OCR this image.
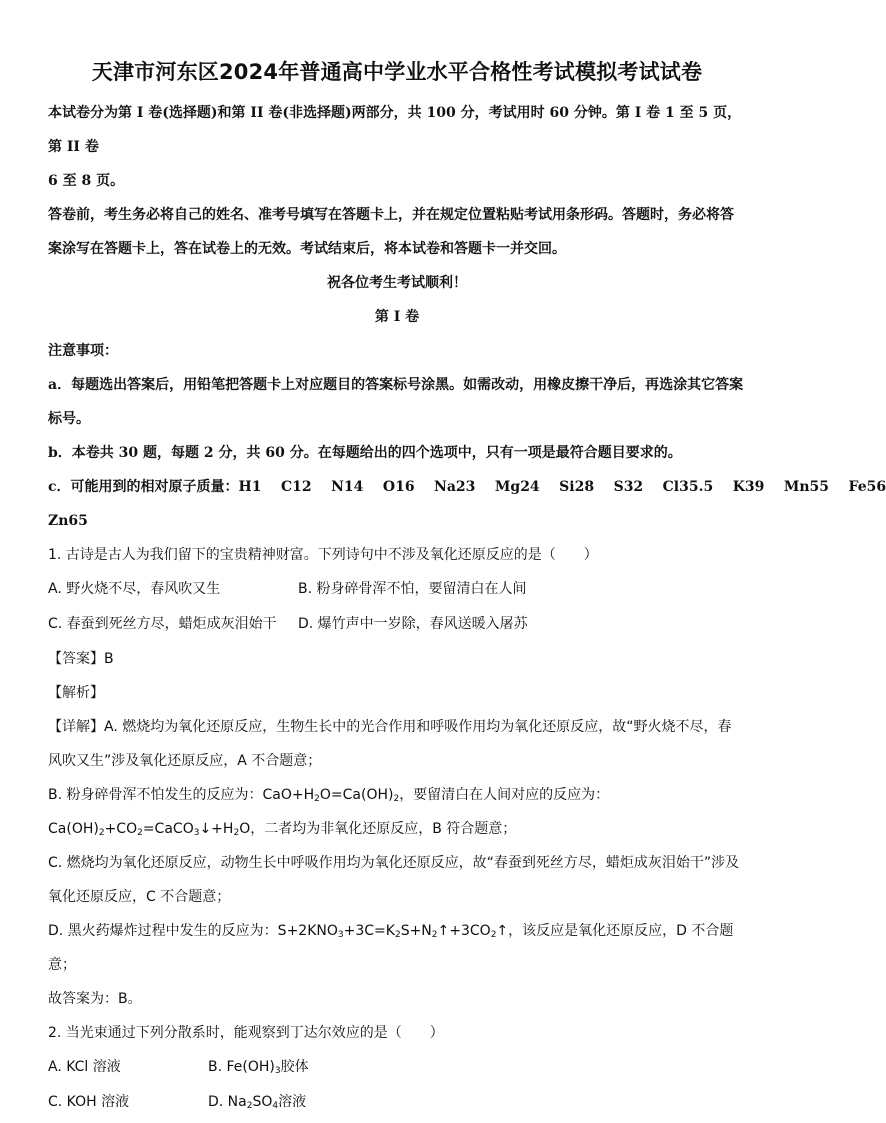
天津市河东区2024年普通高中学业水平合格性考试模拟考试试卷

本试卷分为第 I 卷(选择题)和第 II 卷(非选择题)两部分，共 100 分，考试用时 60 分钟。第 I 卷 1 至 5 页，第 II 卷

6 至 8 页。

答卷前，考生务必将自己的姓名、准考号填写在答题卡上，并在规定位置粘贴考试用条形码。答题时，务必将答

案涂写在答题卡上，答在试卷上的无效。考试结束后，将本试卷和答题卡一并交回。

祝各位考生考试顺利！

第 I 卷

注意事项：

a．每题选出答案后，用铅笔把答题卡上对应题目的答案标号涂黑。如需改动，用橡皮擦干净后，再选涂其它答案

标号。

b．本卷共 30 题，每题 2 分，共 60 分。在每题给出的四个选项中，只有一项是最符合题目要求的。

c．可能用到的相对原子质量：H1    C12    N14    O16    Na23    Mg24    Si28    S32    Cl35.5    K39    Mn55    Fe56

Zn65

1. 古诗是古人为我们留下的宝贵精神财富。下列诗句中不涉及氧化还原反应的是（　　）

A. 野火烧不尽，春风吹又生	B. 粉身碎骨浑不怕，要留清白在人间
C. 春蚕到死丝方尽，蜡炬成灰泪始干	D. 爆竹声中一岁除，春风送暖入屠苏

【答案】B

【解析】

【详解】A. 燃烧均为氧化还原反应，生物生长中的光合作用和呼吸作用均为氧化还原反应，故“野火烧不尽，春

风吹又生”涉及氧化还原反应，A 不合题意；

B. 粉身碎骨浑不怕发生的反应为：$CaO+H_2O=Ca(OH)_2$，要留清白在人间对应的反应为：

$Ca(OH)_2+CO_2=CaCO_3↓+H_2O$，二者均为非氧化还原反应，B 符合题意；

C. 燃烧均为氧化还原反应，动物生长中呼吸作用均为氧化还原反应，故“春蚕到死丝方尽，蜡炬成灰泪始干”涉及

氧化还原反应，C 不合题意；

D. 黑火药爆炸过程中发生的反应为：$S+2KNO_3+3C=K_2S+N_2↑+3CO_2↑$，该反应是氧化还原反应，D 不合题意；

故答案为：B。

2. 当光束通过下列分散系时，能观察到丁达尔效应的是（　　）

A. KCl 溶液	B. $Fe(OH)_3$胶体
C. KOH 溶液	D. $Na_2SO_4$溶液
